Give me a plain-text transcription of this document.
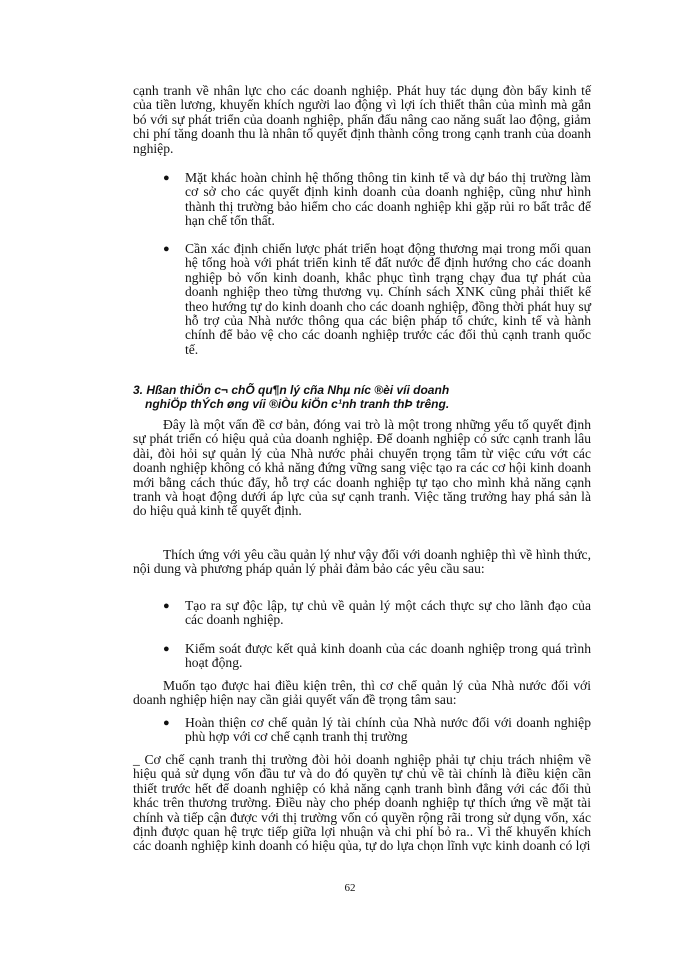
cạnh tranh về nhân lực cho các doanh nghiệp. Phát huy tác dụng đòn bẩy kinh tế của tiền lương, khuyến khích người lao động vì lợi ích thiết thân của mình mà gắn bó với sự phát triển của doanh nghiệp, phấn đấu nâng cao năng suất lao động, giảm chi phí tăng doanh thu là nhân tố quyết định thành công trong cạnh tranh của doanh nghiệp.

● Mặt khác hoàn chỉnh hệ thống thông tin kinh tế và dự báo thị trường làm cơ sở cho các quyết định kinh doanh của doanh nghiệp, cũng như hình thành thị trường bảo hiểm cho các doanh nghiệp khi gặp rủi ro bất trắc để hạn chế tổn thất.

● Cần xác định chiến lược phát triển hoạt động thương mại trong mối quan hệ tổng hoà với phát triển kinh tế đất nước để định hướng cho các doanh nghiệp bỏ vốn kinh doanh, khắc phục tình trạng chạy đua tự phát của doanh nghiệp theo từng thương vụ. Chính sách XNK cũng phải thiết kế theo hướng tự do kinh doanh cho các doanh nghiệp, đồng thời phát huy sự hỗ trợ của Nhà nước thông qua các biện pháp tổ chức, kinh tế và hành chính để bảo vệ cho các doanh nghiệp trước các đối thủ cạnh tranh quốc tế.

3. Hßan thiÖn c¬ chÕ qu¶n lý cña Nhµ níc ®èi víi doanh
nghiÖp thÝch øng víi ®iÒu kiÖn c¹nh tranh thÞ trêng.

Đây là một vấn đề cơ bản, đóng vai trò là một trong những yếu tố quyết định sự phát triển có hiệu quả của doanh nghiệp. Để doanh nghiệp có sức cạnh tranh lâu dài, đòi hỏi sự quản lý của Nhà nước phải chuyển trọng tâm từ việc cứu vớt các doanh nghiệp không có khả năng đứng vững sang việc tạo ra các cơ hội kinh doanh mới bằng cách thúc đẩy, hỗ trợ các doanh nghiệp tự tạo cho mình khả năng cạnh tranh và hoạt động dưới áp lực của sự cạnh tranh. Việc tăng trưởng hay phá sản là do hiệu quả kinh tế quyết định.

Thích ứng với yêu cầu quản lý như vậy đối với doanh nghiệp thì về hình thức, nội dung và phương pháp quản lý phải đảm bảo các yêu cầu sau:

● Tạo ra sự độc lập, tự chủ về quản lý một cách thực sự cho lãnh đạo của các doanh nghiệp.

● Kiểm soát được kết quả kinh doanh của các doanh nghiệp trong quá trình hoạt động.

Muốn tạo được hai điều kiện trên, thì cơ chế quản lý của Nhà nước đối với doanh nghiệp hiện nay cần giải quyết vấn đề trọng tâm sau:

● Hoàn thiện cơ chế quản lý tài chính của Nhà nước đối với doanh nghiệp phù hợp với cơ chế cạnh tranh thị trường

_ Cơ chế cạnh tranh thị trường đòi hỏi doanh nghiệp phải tự chịu trách nhiệm về hiệu quả sử dụng vốn đầu tư và do đó quyền tự chủ về tài chính là điều kiện cần thiết trước hết để doanh nghiệp có khả năng cạnh tranh bình đẳng với các đối thủ khác trên thương trường. Điều này cho phép doanh nghiệp tự thích ứng về mặt tài chính và tiếp cận được với thị trường vốn có quyền rộng rãi trong sử dụng vốn, xác định được quan hệ trực tiếp giữa lợi nhuận và chi phí bỏ ra.. Vì thế khuyến khích các doanh nghiệp kinh doanh có hiệu qủa, tự do lựa chọn lĩnh vực kinh doanh có lợi

62
